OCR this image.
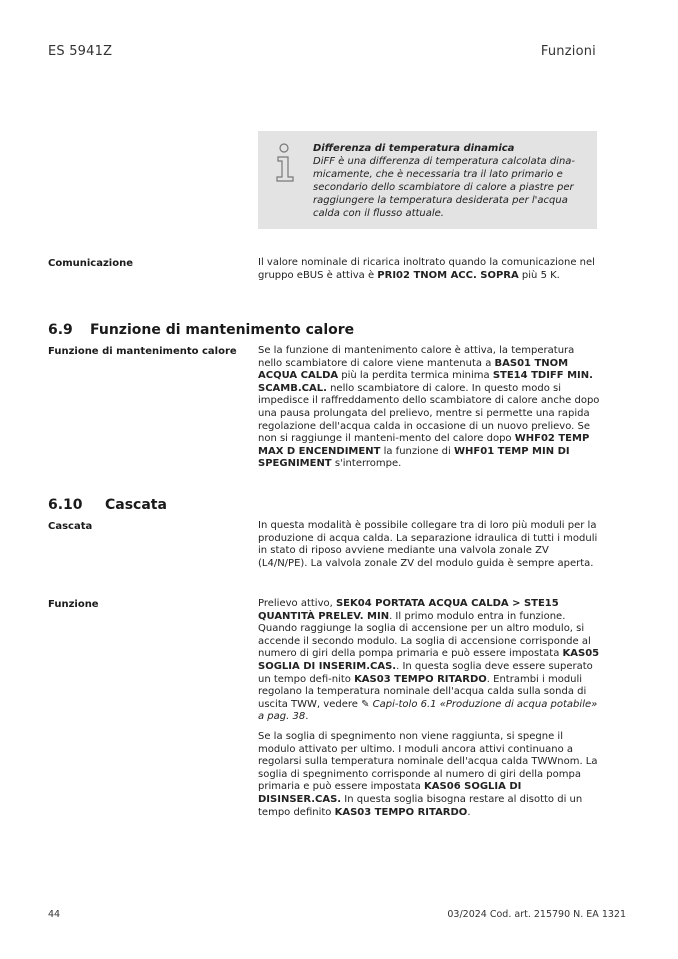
ES 5941Z	Funzioni
Differenza di temperatura dinamica
DiFF è una differenza di temperatura calcolata dina-micamente, che è necessaria tra il lato primario e secondario dello scambiatore di calore a piastre per raggiungere la temperatura desiderata per l'acqua calda con il flusso attuale.
Comunicazione	Il valore nominale di ricarica inoltrato quando la comunicazione nel gruppo eBUS è attiva è PRI02 TNOM ACC. SOPRA più 5 K.
6.9 Funzione di mantenimento calore
Funzione di mantenimento calore	Se la funzione di mantenimento calore è attiva, la temperatura nello scambiatore di calore viene mantenuta a BAS01 TNOM ACQUA CALDA più la perdita termica minima STE14 TDIFF MIN. SCAMB.CAL. nello scambiatore di calore. In questo modo si impedisce il raffreddamento dello scambiatore di calore anche dopo una pausa prolungata del prelievo, mentre si permette una rapida regolazione dell'acqua calda in occasione di un nuovo prelievo. Se non si raggiunge il manteni-mento del calore dopo WHF02 TEMP MAX D ENCENDIMENT la funzione di WHF01 TEMP MIN DI SPEGNIMENT s'interrompe.
6.10 Cascata
Cascata	In questa modalità è possibile collegare tra di loro più moduli per la produzione di acqua calda. La separazione idraulica di tutti i moduli in stato di riposo avviene mediante una valvola zonale ZV (L4/N/PE). La valvola zonale ZV del modulo guida è sempre aperta.
Funzione	Prelievo attivo, SEK04 PORTATA ACQUA CALDA > STE15 QUANTITÀ PRELEV. MIN. Il primo modulo entra in funzione. Quando raggiunge la soglia di accensione per un altro modulo, si accende il secondo modulo. La soglia di accensione corrisponde al numero di giri della pompa primaria e può essere impostata KAS05 SOGLIA DI INSERIM.CAS.. In questa soglia deve essere superato un tempo defi-nito KAS03 TEMPO RITARDO. Entrambi i moduli regolano la temperatura nominale dell'acqua calda sulla sonda di uscita TWW, vedere ✎ Capi-tolo 6.1 «Produzione di acqua potabile» a pag. 38.

Se la soglia di spegnimento non viene raggiunta, si spegne il modulo attivato per ultimo. I moduli ancora attivi continuano a regolarsi sulla temperatura nominale dell'acqua calda TWWnom. La soglia di spegnimento corrisponde al numero di giri della pompa primaria e può essere impostata KAS06 SOGLIA DI DISINSER.CAS. In questa soglia bisogna restare al disotto di un tempo definito KAS03 TEMPO RITARDO.

44	03/2024 Cod. art. 215790 N. EA 1321
